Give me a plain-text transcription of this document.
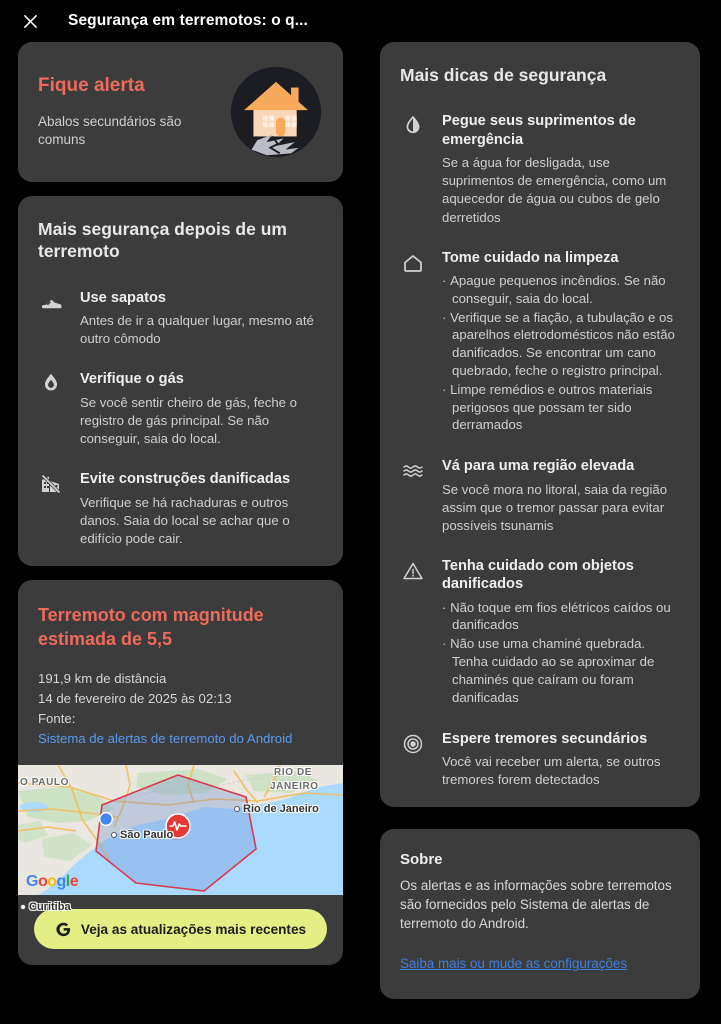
Segurança em terremotos: o q...
Fique alerta
Abalos secundários são comuns
Mais segurança depois de um terremoto
Use sapatos
Antes de ir a qualquer lugar, mesmo até outro cômodo
Verifique o gás
Se você sentir cheiro de gás, feche o registro de gás principal. Se não conseguir, saia do local.
Evite construções danificadas
Verifique se há rachaduras e outros danos. Saia do local se achar que o edifício pode cair.
Terremoto com magnitude estimada de 5,5
191,9 km de distância
14 de fevereiro de 2025 às 02:13
Fonte:
Sistema de alertas de terremoto do Android
O PAULO
RIO DE
JANEIRO
Rio de Janeiro
São Paulo
Curitiba
Google
Veja as atualizações mais recentes
Mais dicas de segurança
Pegue seus suprimentos de emergência
Se a água for desligada, use suprimentos de emergência, como um aquecedor de água ou cubos de gelo derretidos
Tome cuidado na limpeza
· Apague pequenos incêndios. Se não conseguir, saia do local.
· Verifique se a fiação, a tubulação e os aparelhos eletrodomésticos não estão danificados. Se encontrar um cano quebrado, feche o registro principal.
· Limpe remédios e outros materiais perigosos que possam ter sido derramados
Vá para uma região elevada
Se você mora no litoral, saia da região assim que o tremor passar para evitar possíveis tsunamis
Tenha cuidado com objetos danificados
· Não toque em fios elétricos caídos ou danificados
· Não use uma chaminé quebrada. Tenha cuidado ao se aproximar de chaminés que caíram ou foram danificadas
Espere tremores secundários
Você vai receber um alerta, se outros tremores forem detectados
Sobre
Os alertas e as informações sobre terremotos são fornecidos pelo Sistema de alertas de terremoto do Android.
Saiba mais ou mude as configurações
